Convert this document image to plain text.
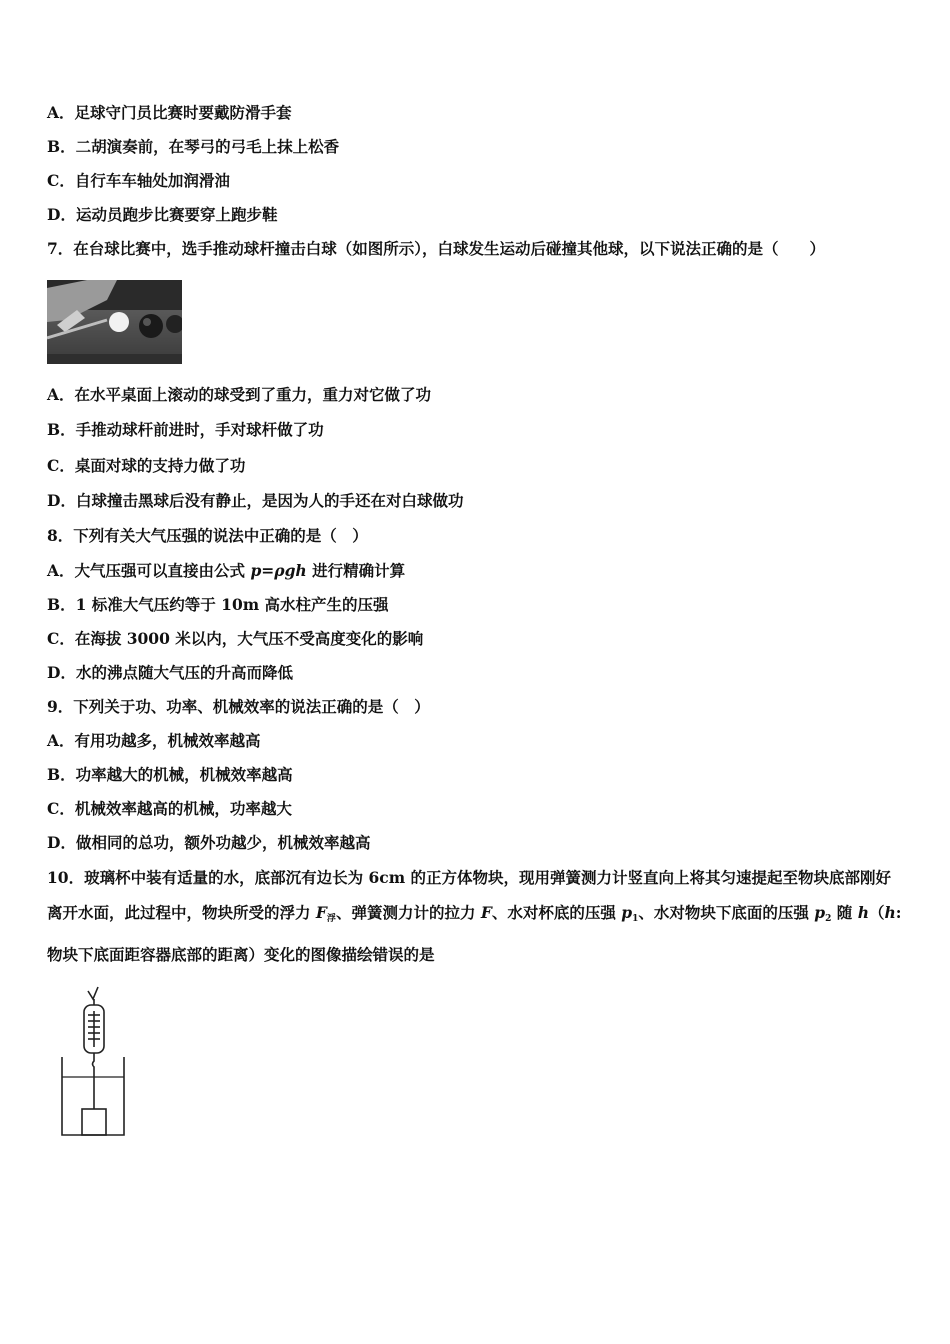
A．足球守门员比赛时要戴防滑手套
B．二胡演奏前，在琴弓的弓毛上抹上松香
C．自行车车轴处加润滑油
D．运动员跑步比赛要穿上跑步鞋
7．在台球比赛中，选手推动球杆撞击白球（如图所示），白球发生运动后碰撞其他球，以下说法正确的是（　　）
A．在水平桌面上滚动的球受到了重力，重力对它做了功
B．手推动球杆前进时，手对球杆做了功
C．桌面对球的支持力做了功
D．白球撞击黑球后没有静止，是因为人的手还在对白球做功
8．下列有关大气压强的说法中正确的是（　）
A．大气压强可以直接由公式 p=ρgh 进行精确计算
B．1 标准大气压约等于 10m 高水柱产生的压强
C．在海拔 3000 米以内，大气压不受高度变化的影响
D．水的沸点随大气压的升高而降低
9．下列关于功、功率、机械效率的说法正确的是（　）
A．有用功越多，机械效率越高
B．功率越大的机械，机械效率越高
C．机械效率越高的机械，功率越大
D．做相同的总功，额外功越少，机械效率越高
10．玻璃杯中装有适量的水，底部沉有边长为 6cm 的正方体物块，现用弹簧测力计竖直向上将其匀速提起至物块底部刚好离开水面，此过程中，物块所受的浮力 $F_浮$、弹簧测力计的拉力 F、水对杯底的压强 $p_1$、水对物块下底面的压强 $p_2$ 随 h（h:物块下底面距容器底部的距离）变化的图像描绘错误的是
